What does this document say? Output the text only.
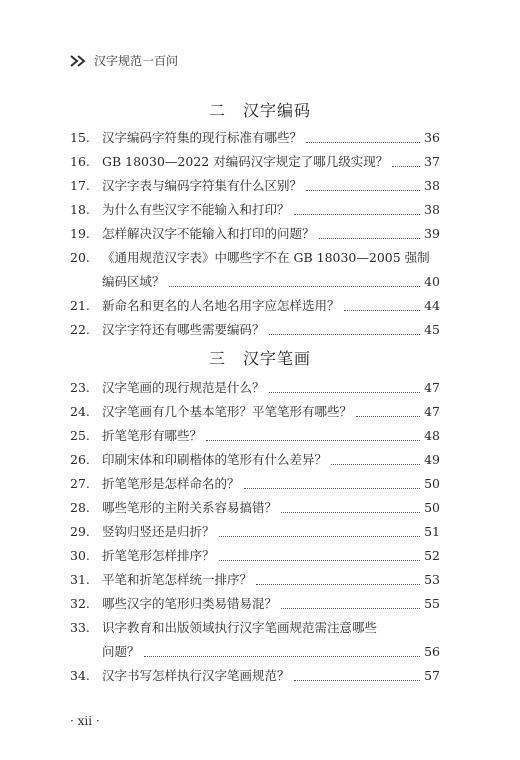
汉字规范一百问
二　汉字编码
15. 汉字编码字符集的现行标准有哪些？	36
16. GB 18030—2022 对编码汉字规定了哪几级实现？	37
17. 汉字字表与编码字符集有什么区别？	38
18. 为什么有些汉字不能输入和打印？	38
19. 怎样解决汉字不能输入和打印的问题？	39
20. 《通用规范汉字表》中哪些字不在 GB 18030—2005 强制
编码区域？	40
21. 新命名和更名的人名地名用字应怎样选用？	44
22. 汉字字符还有哪些需要编码？	45
三　汉字笔画
23. 汉字笔画的现行规范是什么？	47
24. 汉字笔画有几个基本笔形？平笔笔形有哪些？	47
25. 折笔笔形有哪些？	48
26. 印刷宋体和印刷楷体的笔形有什么差异？	49
27. 折笔笔形是怎样命名的？	50
28. 哪些笔形的主附关系容易搞错？	50
29. 竖钩归竖还是归折？	51
30. 折笔笔形怎样排序？	52
31. 平笔和折笔怎样统一排序？	53
32. 哪些汉字的笔形归类易错易混？	55
33. 识字教育和出版领域执行汉字笔画规范需注意哪些
问题？	56
34. 汉字书写怎样执行汉字笔画规范？	57
· xii ·
